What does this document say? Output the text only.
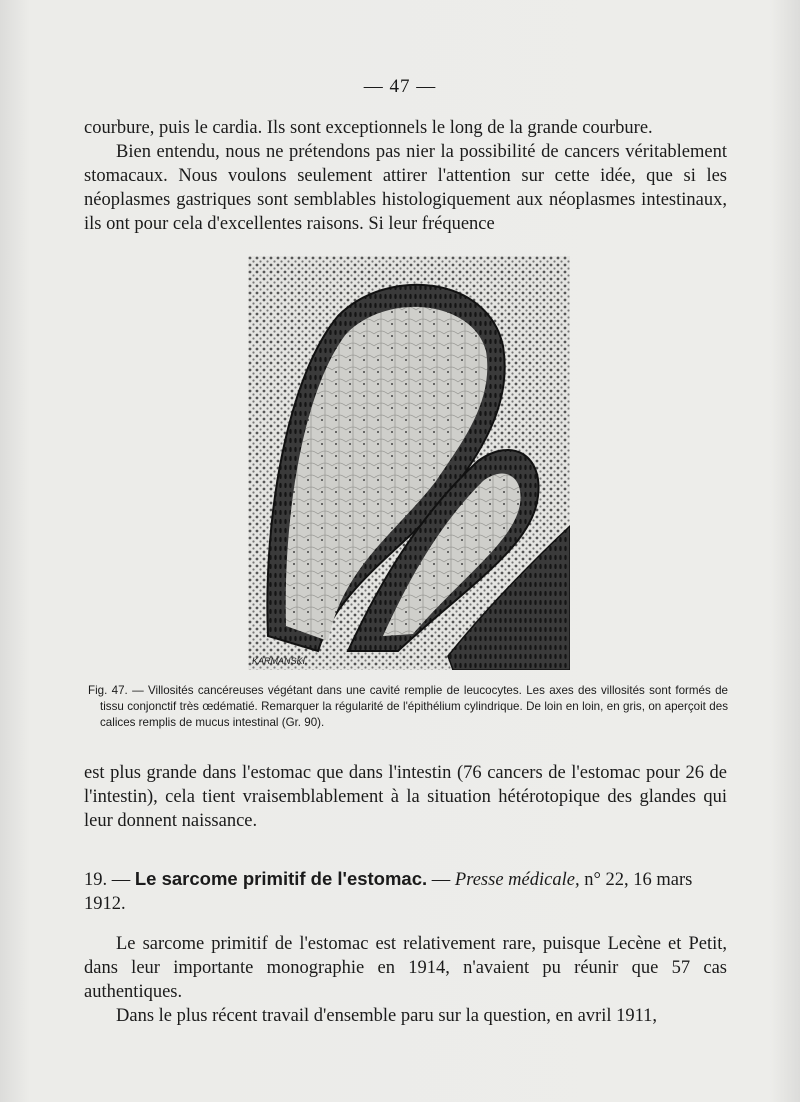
— 47 —

courbure, puis le cardia. Ils sont exceptionnels le long de la grande courbure.

Bien entendu, nous ne prétendons pas nier la possibilité de cancers véritablement stomacaux. Nous voulons seulement attirer l'attention sur cette idée, que si les néoplasmes gastriques sont semblables histologiquement aux néoplasmes intestinaux, ils ont pour cela d'excellentes raisons. Si leur fréquence

KARMANSKI.
Fig. 47. — Villosités cancéreuses végétant dans une cavité remplie de leucocytes. Les axes des villosités sont formés de tissu conjonctif très œdématié. Remarquer la régularité de l'épithélium cylindrique. De loin en loin, en gris, on aperçoit des calices remplis de mucus intestinal (Gr. 90).

est plus grande dans l'estomac que dans l'intestin (76 cancers de l'estomac pour 26 de l'intestin), cela tient vraisemblablement à la situation hétérotopique des glandes qui leur donnent naissance.

19. — Le sarcome primitif de l'estomac. — Presse médicale, n° 22, 16 mars
1912.

Le sarcome primitif de l'estomac est relativement rare, puisque Lecène et Petit, dans leur importante monographie en 1914, n'avaient pu réunir que 57 cas authentiques.

Dans le plus récent travail d'ensemble paru sur la question, en avril 1911,
